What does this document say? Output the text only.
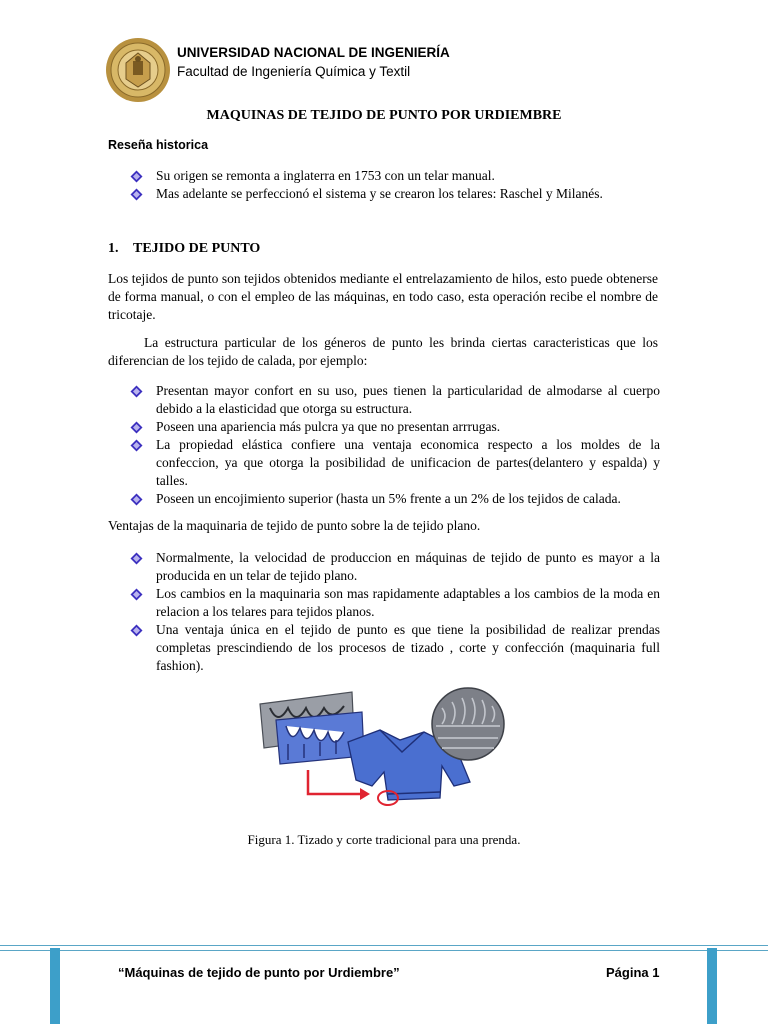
UNIVERSIDAD NACIONAL DE INGENIERÍA
Facultad de Ingeniería Química y Textil
MAQUINAS DE TEJIDO DE PUNTO POR URDIEMBRE
Reseña historica
Su origen se remonta a inglaterra en 1753 con un telar manual.
Mas adelante se perfeccionó el sistema y se crearon los telares: Raschel y Milanés.
1. TEJIDO DE PUNTO

Los tejidos de punto son tejidos obtenidos mediante el entrelazamiento de hilos, esto puede obtenerse de forma manual, o con el empleo de las máquinas, en todo caso, esta operación recibe el nombre de tricotaje.

La estructura particular de los géneros de punto les brinda ciertas caracteristicas que los diferencian de los tejido de calada, por ejemplo:

Presentan mayor confort en su uso, pues tienen la particularidad de almodarse al cuerpo debido a la elasticidad que otorga su estructura.
Poseen una apariencia más pulcra ya que no presentan arrrugas.
La propiedad elástica confiere una ventaja economica respecto a los moldes de la confeccion, ya que otorga la posibilidad de unificacion de partes(delantero y espalda) y talles.
Poseen un encojimiento superior (hasta un 5% frente a un 2% de los tejidos de calada.

Ventajas de la maquinaria de tejido de punto sobre la de tejido plano.

Normalmente, la velocidad de produccion en máquinas de tejido de punto es mayor a la producida en un telar de tejido plano.
Los cambios en la maquinaria son mas rapidamente adaptables a los cambios de la moda en relacion a los telares para tejidos planos.
Una ventaja única en el tejido de punto es que tiene la posibilidad de realizar prendas completas prescindiendo de los procesos de tizado , corte y confección (maquinaria full fashion).
Figura 1. Tizado y corte tradicional para una prenda.
“Máquinas de tejido de punto por Urdiembre”	Página 1
